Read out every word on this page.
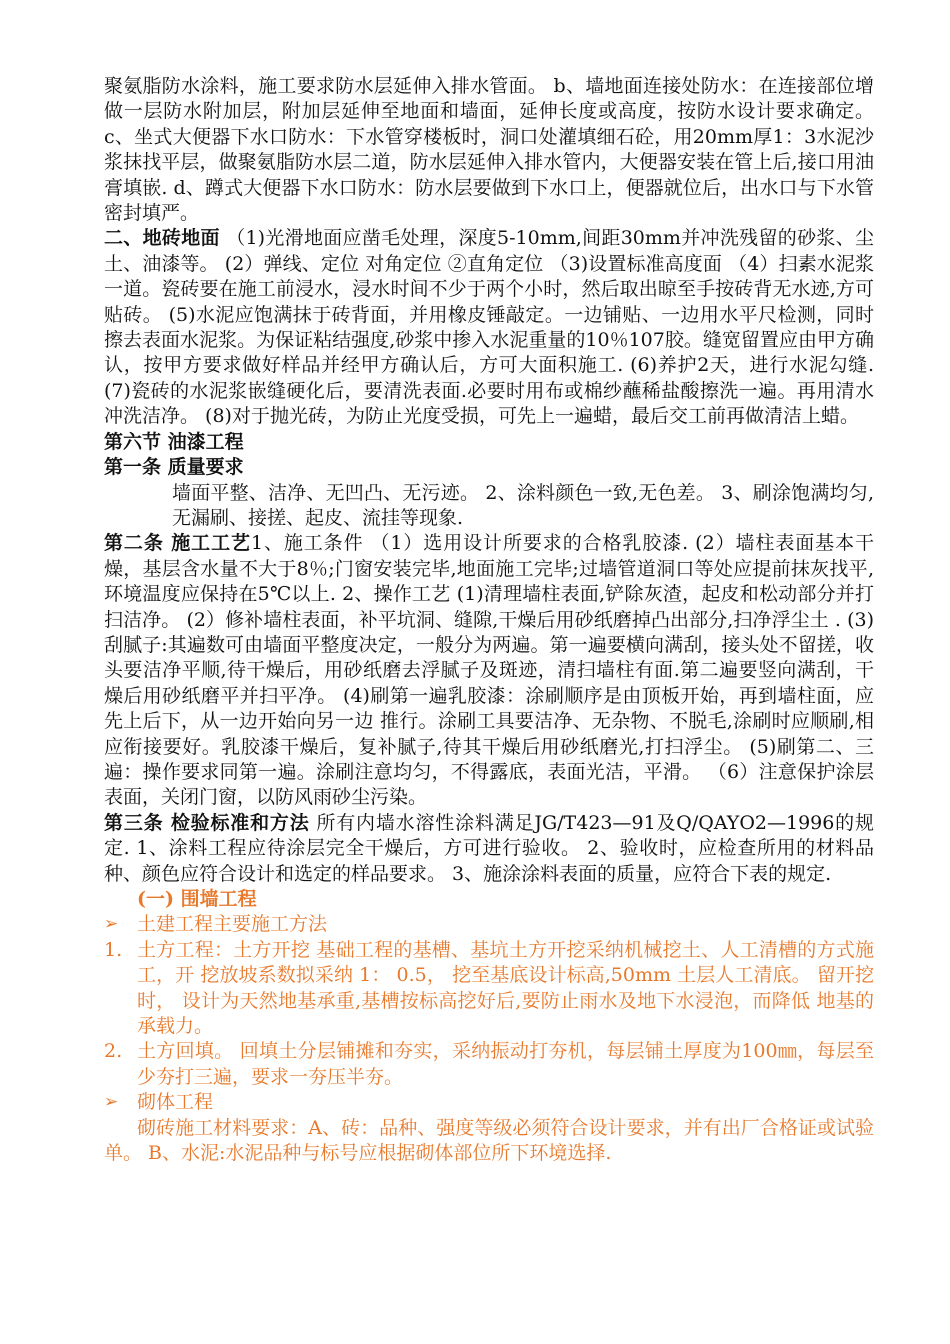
聚氨脂防水涂料，施工要求防水层延伸入排水管面。 b、墙地面连接处防水：在连接部位增做一层防水附加层，附加层延伸至地面和墙面，延伸长度或高度，按防水设计要求确定。 c、坐式大便器下水口防水：下水管穿楼板时，洞口处灌填细石砼，用20mm厚1：3水泥沙浆抹找平层，做聚氨脂防水层二道，防水层延伸入排水管内，大便器安装在管上后,接口用油膏填嵌. d、蹲式大便器下水口防水：防水层要做到下水口上，便器就位后，出水口与下水管密封填严。

二、地砖地面 （1)光滑地面应凿毛处理，深度5-10mm,间距30mm并冲洗残留的砂浆、尘土、油漆等。 (2）弹线、定位 对角定位 ②直角定位 （3)设置标准高度面 （4）扫素水泥浆一道。瓷砖要在施工前浸水，浸水时间不少于两个小时，然后取出晾至手按砖背无水迹,方可贴砖。 (5)水泥应饱满抹于砖背面，并用橡皮锤敲定。一边铺贴、一边用水平尺检测，同时擦去表面水泥浆。为保证粘结强度,砂浆中掺入水泥重量的10％107胶。缝宽留置应由甲方确认，按甲方要求做好样品并经甲方确认后，方可大面积施工. (6)养护2天，进行水泥勾缝. (7)瓷砖的水泥浆嵌缝硬化后，要清洗表面.必要时用布或棉纱蘸稀盐酸擦洗一遍。再用清水冲洗洁净。 (8)对于抛光砖，为防止光度受损，可先上一遍蜡，最后交工前再做清洁上蜡。

第六节 油漆工程

第一条 质量要求

墙面平整、洁净、无凹凸、无污迹。 2、涂料颜色一致,无色差。 3、刷涂饱满均匀,无漏刷、接搓、起皮、流挂等现象.

第二条 施工工艺1、施工条件 （1）选用设计所要求的合格乳胶漆. (2）墙柱表面基本干燥，基层含水量不大于8％;门窗安装完毕,地面施工完毕;过墙管道洞口等处应提前抹灰找平,环境温度应保持在5℃以上. 2、操作工艺 (1)清理墙柱表面,铲除灰渣，起皮和松动部分并打扫洁净。 (2）修补墙柱表面，补平坑洞、缝隙,干燥后用砂纸磨掉凸出部分,扫净浮尘土 . (3)刮腻子:其遍数可由墙面平整度决定，一般分为两遍。第一遍要横向满刮，接头处不留搓，收头要洁净平顺,待干燥后，用砂纸磨去浮腻子及斑迹，清扫墙柱有面.第二遍要竖向满刮，干燥后用砂纸磨平并扫平净。 (4)刷第一遍乳胶漆：涂刷顺序是由顶板开始，再到墙柱面，应先上后下，从一边开始向另一边 推行。涂刷工具要洁净、无杂物、不脱毛,涂刷时应顺刷,相应衔接要好。乳胶漆干燥后，复补腻子,待其干燥后用砂纸磨光,打扫浮尘。 (5)刷第二、三遍：操作要求同第一遍。涂刷注意均匀，不得露底，表面光洁，平滑。 （6）注意保护涂层表面，关闭门窗，以防风雨砂尘污染。

第三条 检验标准和方法 所有内墙水溶性涂料满足JG/T423—91及Q/QAYO2—1996的规定. 1、涂料工程应待涂层完全干燥后，方可进行验收。 2、验收时，应检查所用的材料品种、颜色应符合设计和选定的样品要求。 3、施涂涂料表面的质量，应符合下表的规定.

(一) 围墙工程

➢ 土建工程主要施工方法
1. 土方工程：土方开挖 基础工程的基槽、基坑土方开挖采纳机械挖土、人工清槽的方式施工，开 挖放坡系数拟采纳 1： 0.5， 挖至基底设计标高,50mm 土层人工清底。 留开挖时， 设计为天然地基承重,基槽按标高挖好后,要防止雨水及地下水浸泡，而降低 地基的承载力。
2. 土方回填。 回填土分层铺摊和夯实，采纳振动打夯机，每层铺土厚度为100㎜，每层至 少夯打三遍，要求一夯压半夯。
➢ 砌体工程

砌砖施工材料要求：A、砖：品种、强度等级必须符合设计要求，并有出厂合格证或试验单。 B、水泥:水泥品种与标号应根据砌体部位所下环境选择.
